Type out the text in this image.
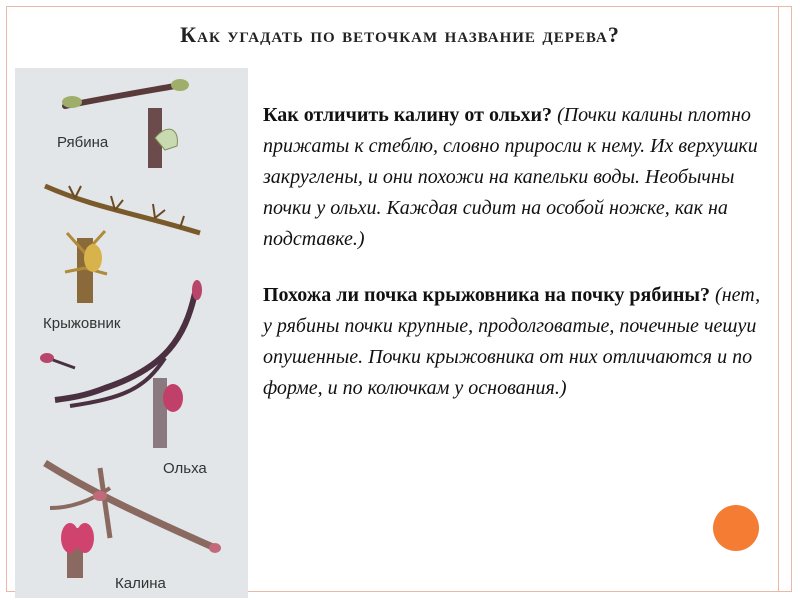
Как угадать по веточкам название дерева?
Рябина
Крыжовник
Ольха
Калина

Как отличить калину от ольхи? (Почки калины плотно прижаты к стеблю, словно приросли к нему. Их верхушки закруглены, и они похожи на капельки воды. Необычны почки у ольхи. Каждая сидит на особой ножке, как на подставке.)

Похожа ли почка крыжовника на почку рябины? (нет, у рябины почки крупные, продолговатые, почечные чешуи опушенные. Почки крыжовника от них отличаются и по форме, и по колючкам у основания.)
